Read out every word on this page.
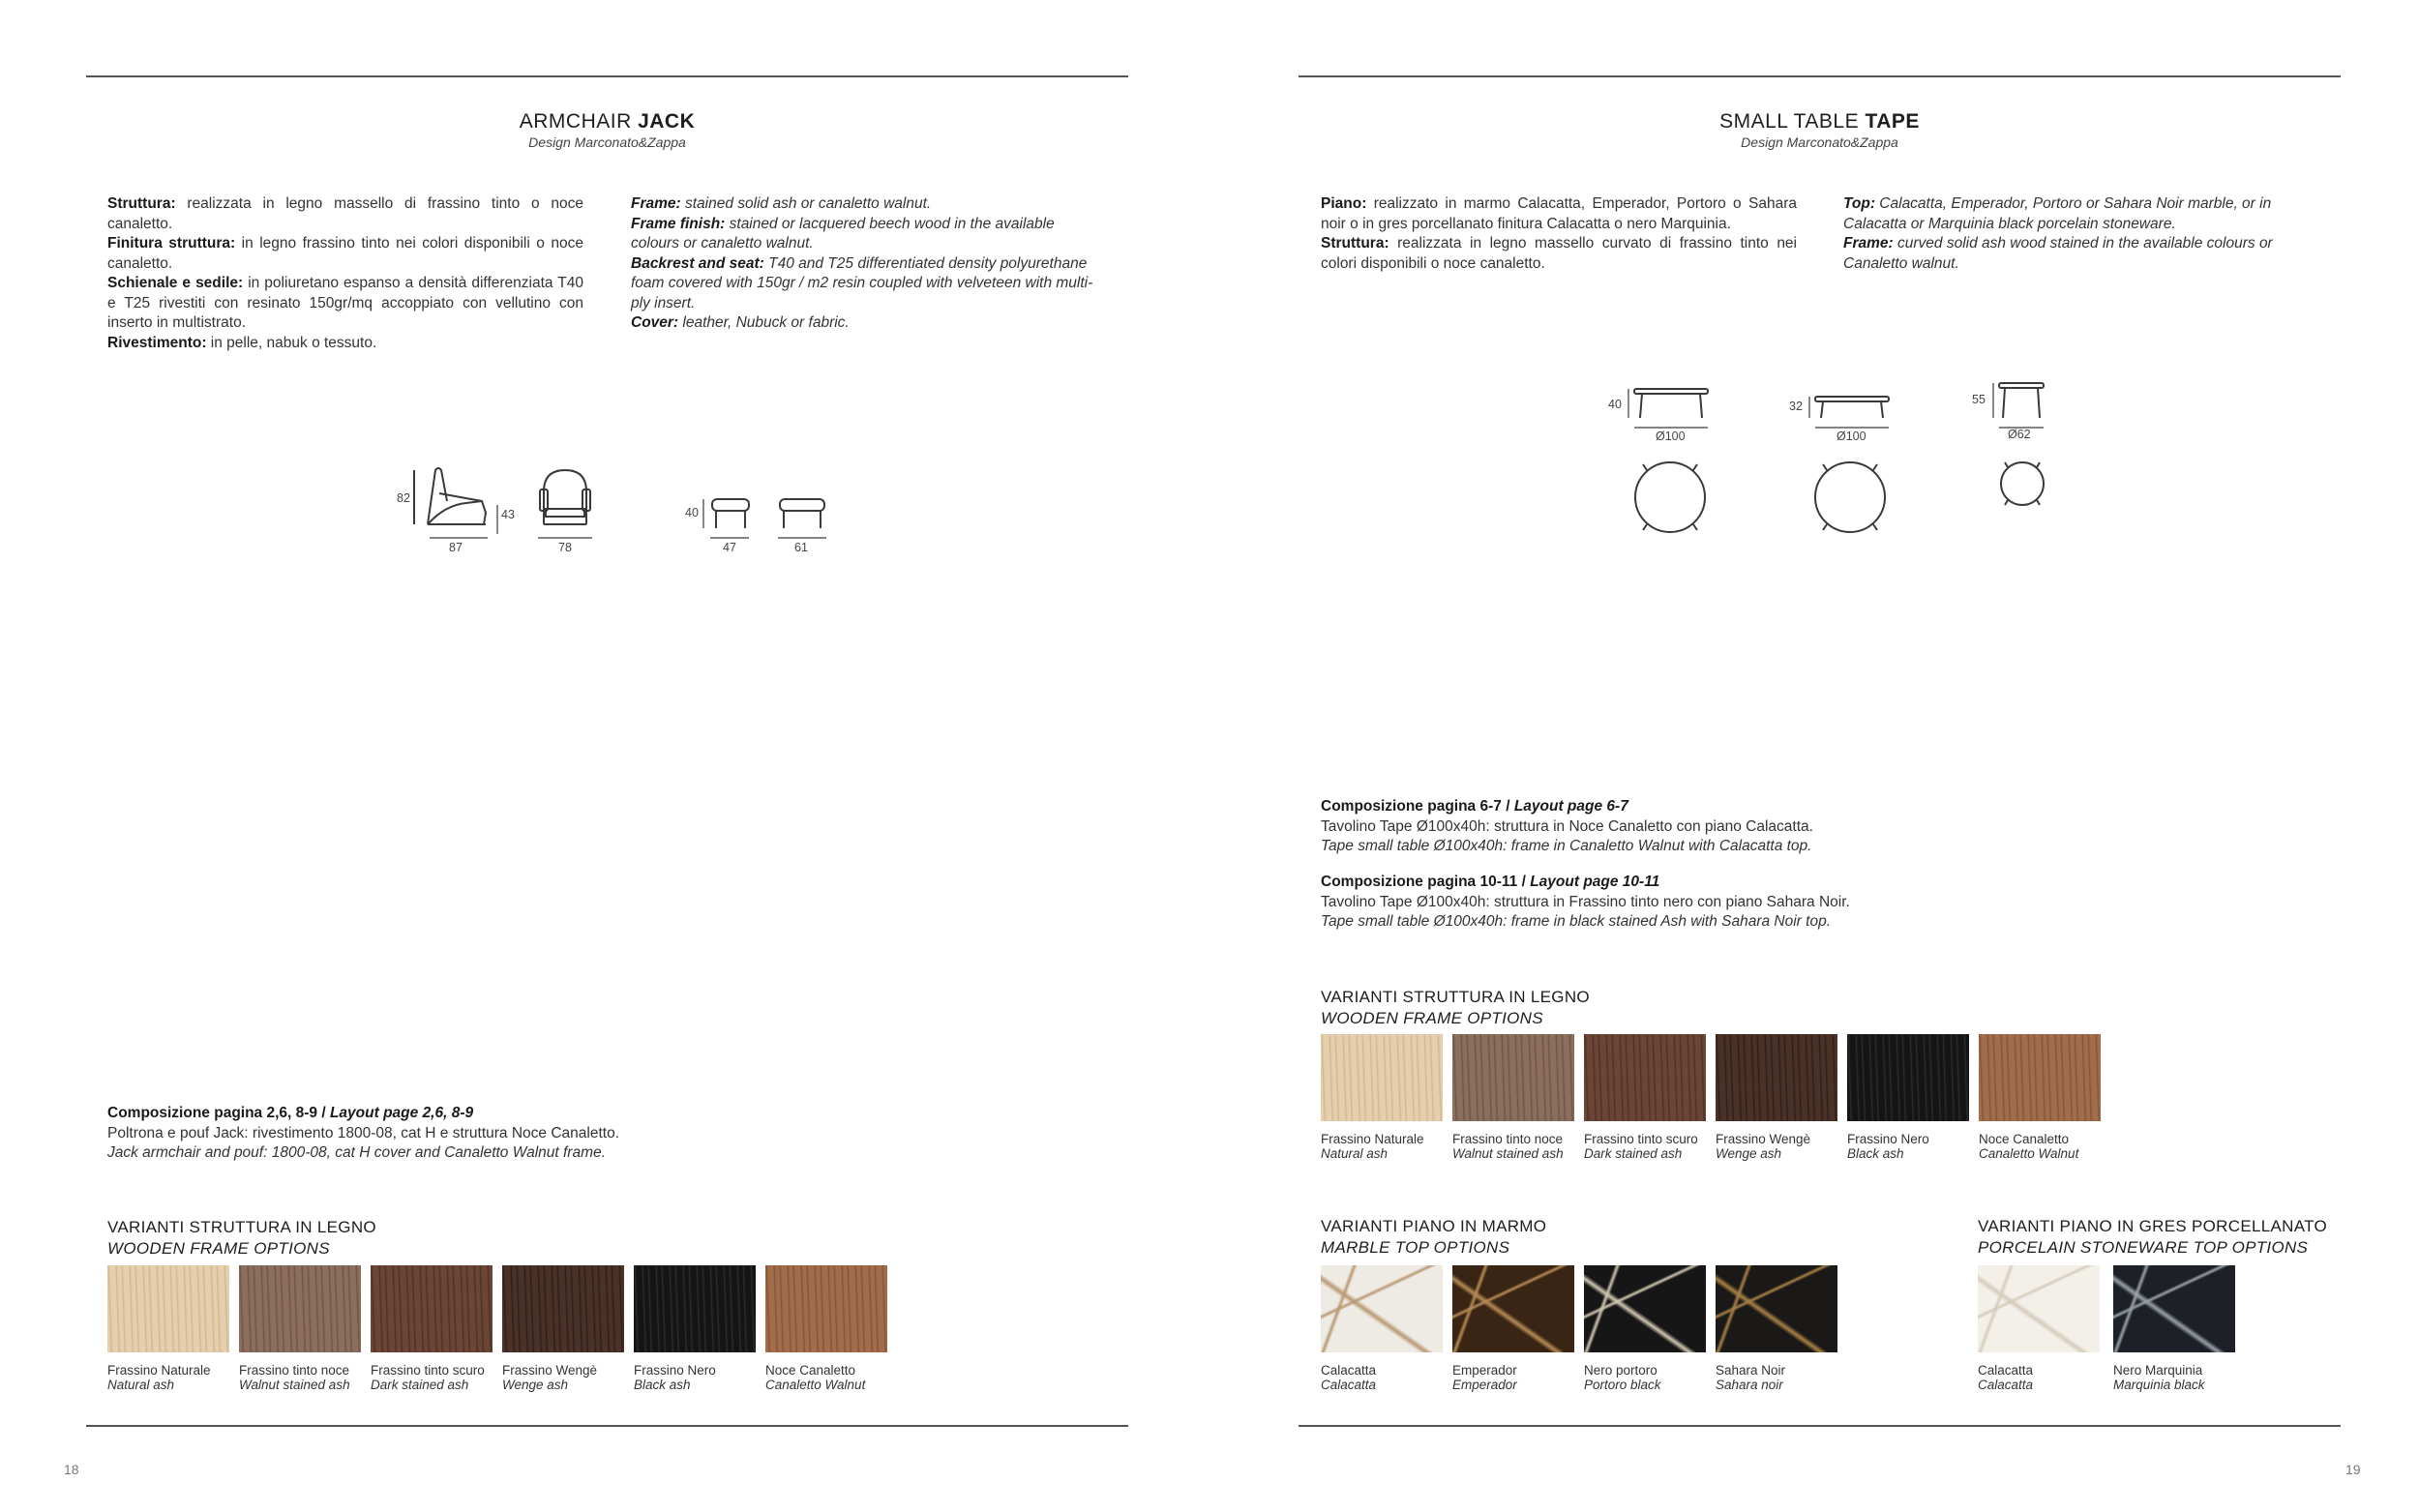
ARMCHAIR JACK
Design Marconato&Zappa
Struttura: realizzata in legno massello di frassino tinto o noce canaletto.
Finitura struttura: in legno frassino tinto nei colori disponibili o noce canaletto.
Schienale e sedile: in poliuretano espanso a densità differenziata T40 e T25 rivestiti con resinato 150gr/mq accoppiato con vellutino con inserto in multistrato.
Rivestimento: in pelle, nabuk o tessuto.
Frame: stained solid ash or canaletto walnut.
Frame finish: stained or lacquered beech wood in the available colours or canaletto walnut.
Backrest and seat: T40 and T25 differentiated density polyurethane foam covered with 150gr / m2 resin coupled with velveteen with multi-ply insert.
Cover: leather, Nubuck or fabric.
82
87
43
78
40
47	61
Composizione pagina 2,6, 8-9 / Layout page 2,6, 8-9
Poltrona e pouf Jack: rivestimento 1800-08, cat H e struttura Noce Canaletto.
Jack armchair and pouf: 1800-08, cat H cover and Canaletto Walnut frame.
VARIANTI STRUTTURA IN LEGNO
WOODEN FRAME OPTIONS
Frassino Naturale
Natural ash
Frassino tinto noce
Walnut stained ash
Frassino tinto scuro
Dark stained ash
Frassino Wengè
Wenge ash
Frassino Nero
Black ash
Noce Canaletto
Canaletto Walnut
18
SMALL TABLE TAPE
Design Marconato&Zappa
Piano: realizzato in marmo Calacatta, Emperador, Portoro o Sahara noir o in gres porcellanato finitura Calacatta o nero Marquinia.
Struttura: realizzata in legno massello curvato di frassino tinto nei colori disponibili o noce canaletto.
Top: Calacatta, Emperador, Portoro or Sahara Noir marble, or in Calacatta or Marquinia black porcelain stoneware.
Frame: curved solid ash wood stained in the available colours or Canaletto walnut.
40
Ø100
32
Ø100
55
Ø62
Composizione pagina 6-7 / Layout page 6-7
Tavolino Tape Ø100x40h: struttura in Noce Canaletto con piano Calacatta.
Tape small table Ø100x40h: frame in Canaletto Walnut with Calacatta top.
Composizione pagina 10-11 / Layout page 10-11
Tavolino Tape Ø100x40h: struttura in Frassino tinto nero con piano Sahara Noir.
Tape small table Ø100x40h: frame in black stained Ash with Sahara Noir top.
VARIANTI STRUTTURA IN LEGNO
WOODEN FRAME OPTIONS
Frassino Naturale
Natural ash
Frassino tinto noce
Walnut stained ash
Frassino tinto scuro
Dark stained ash
Frassino Wengè
Wenge ash
Frassino Nero
Black ash
Noce Canaletto
Canaletto Walnut
VARIANTI PIANO IN MARMO
MARBLE TOP OPTIONS
Calacatta
Calacatta
Emperador
Emperador
Nero portoro
Portoro black
Sahara Noir
Sahara noir
VARIANTI PIANO IN GRES PORCELLANATO
PORCELAIN STONEWARE TOP OPTIONS
Calacatta
Calacatta
Nero Marquinia
Marquinia black
19
